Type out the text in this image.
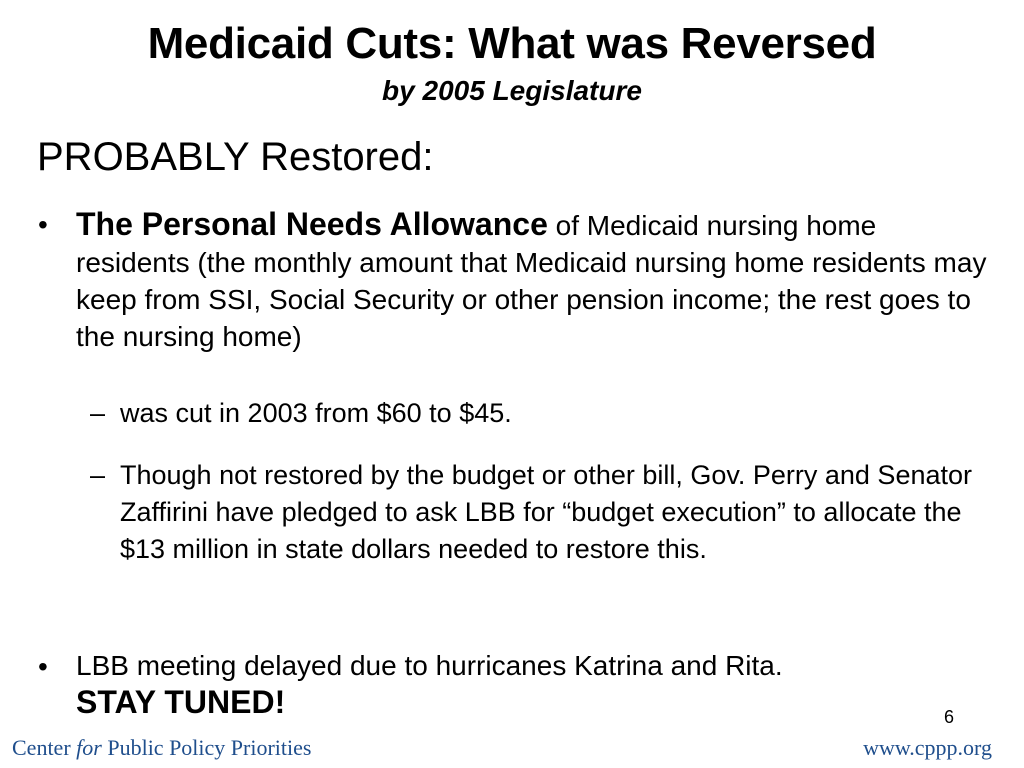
Medicaid Cuts: What was Reversed
by 2005 Legislature
PROBABLY Restored:
• The Personal Needs Allowance of Medicaid nursing home residents (the monthly amount that Medicaid nursing home residents may keep from SSI, Social Security or other pension income; the rest goes to the nursing home)
– was cut in 2003 from $60 to $45.
– Though not restored by the budget or other bill, Gov. Perry and Senator Zaffirini have pledged to ask LBB for “budget execution” to allocate the $13 million in state dollars needed to restore this.
• LBB meeting delayed due to hurricanes Katrina and Rita.
STAY TUNED!	6
Center for Public Policy Priorities	www.cppp.org
